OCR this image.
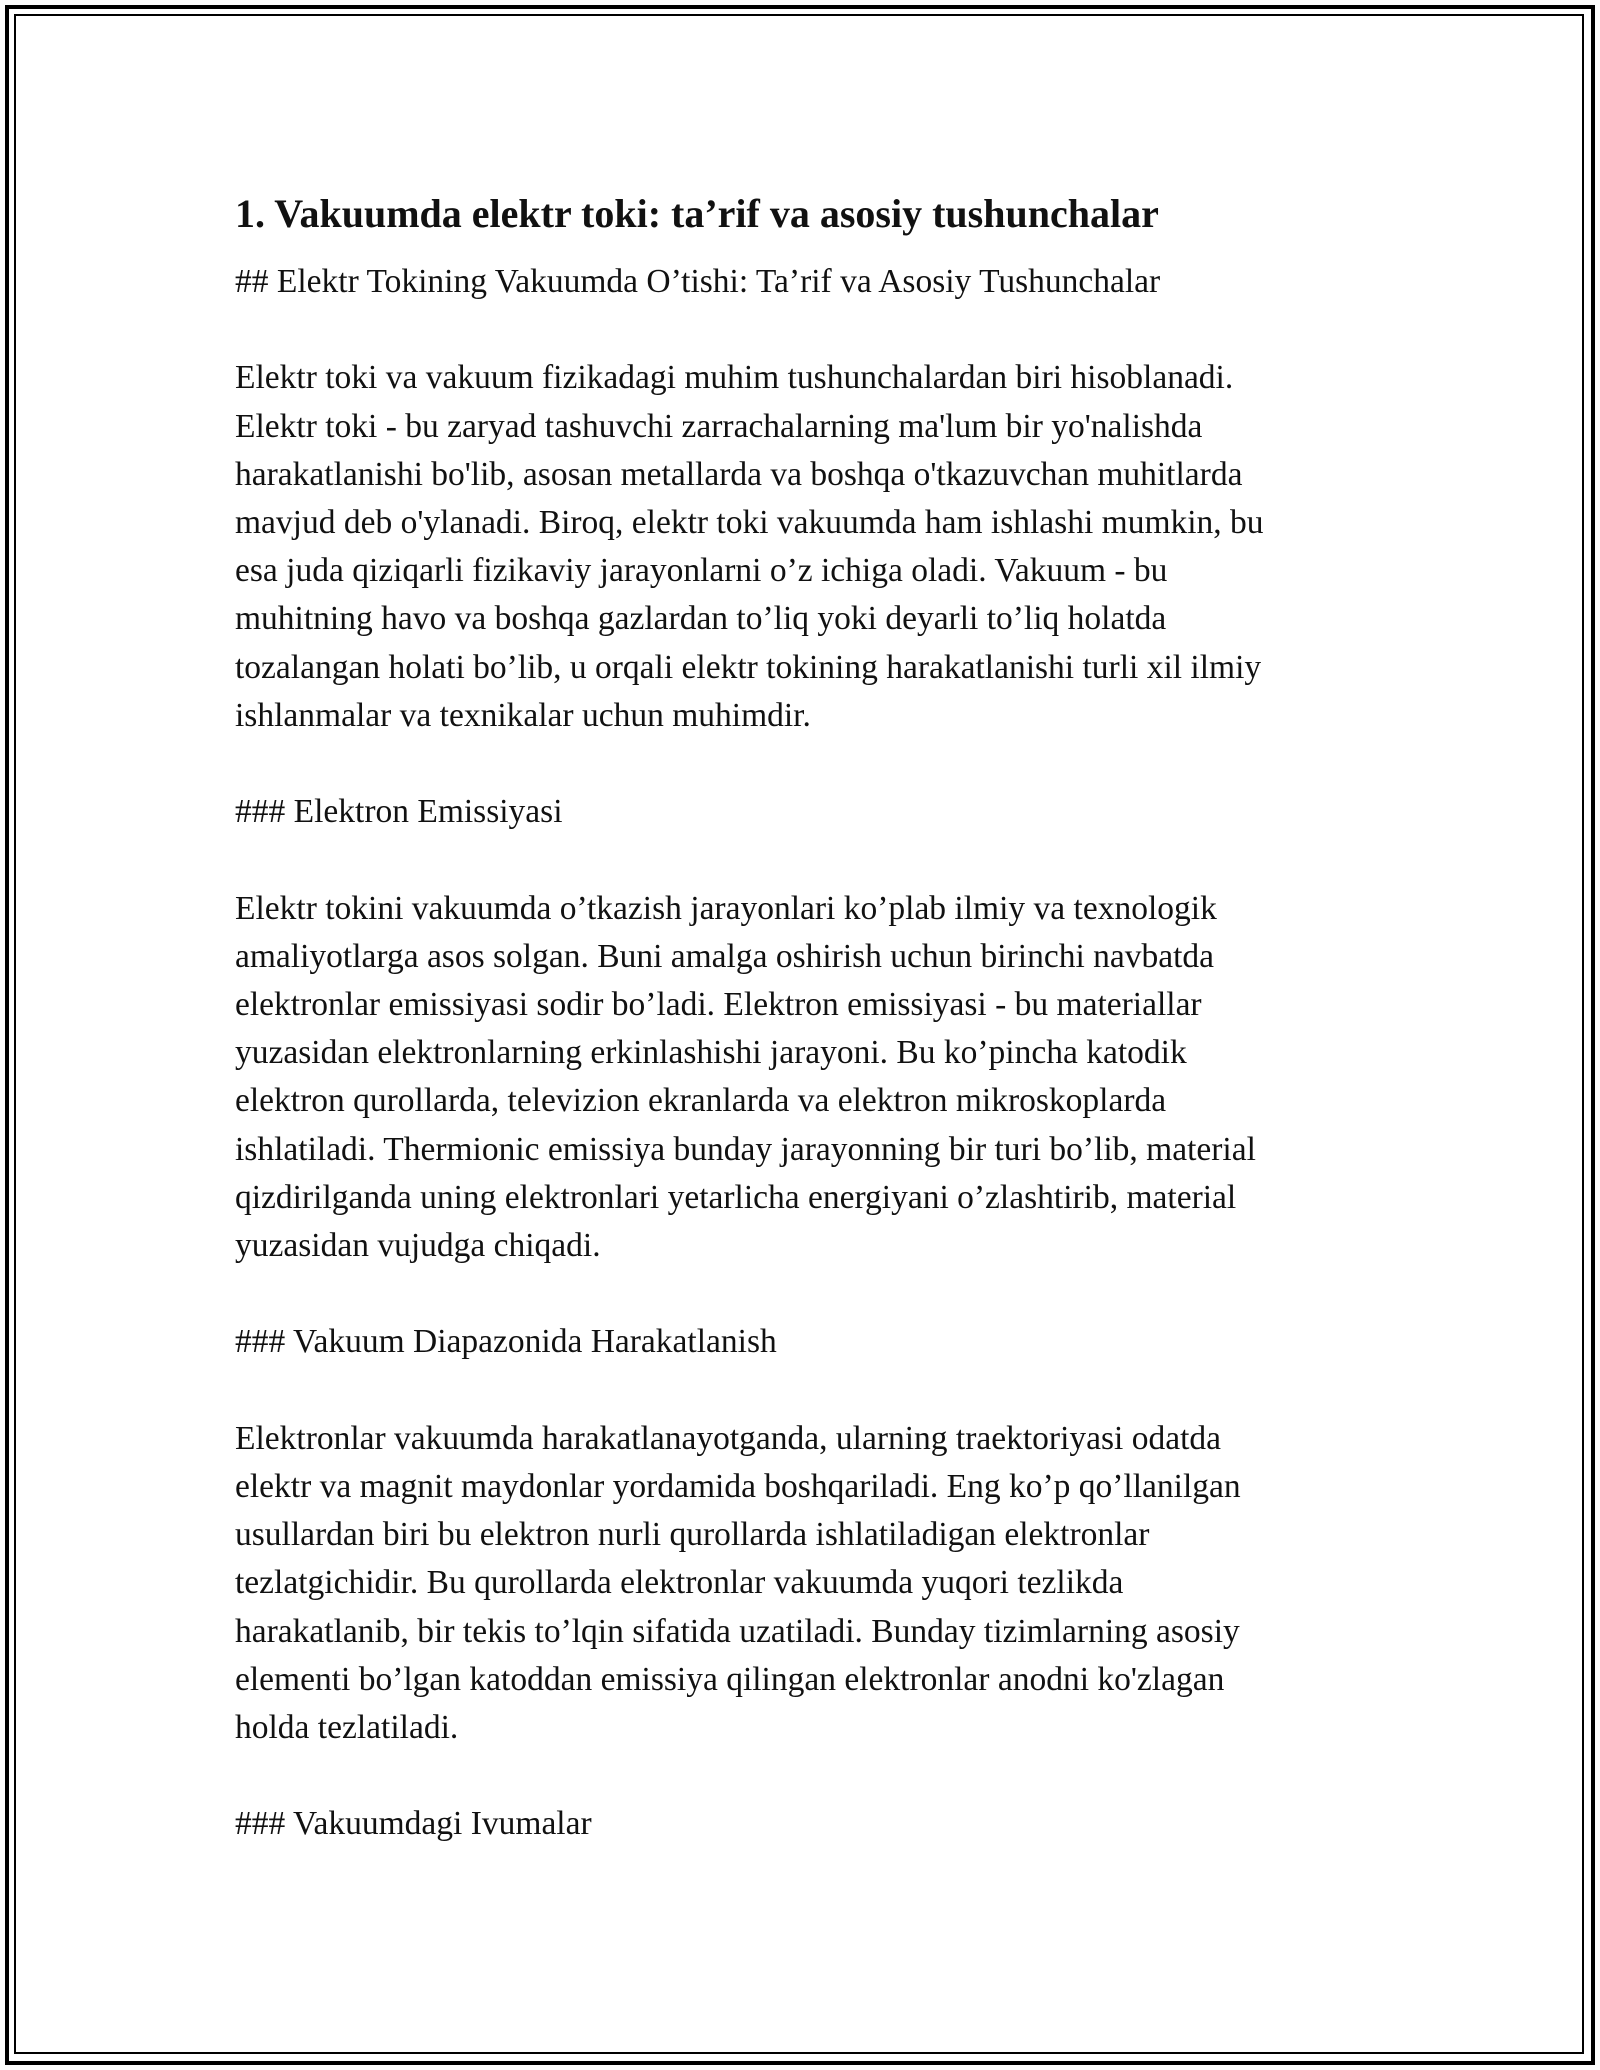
1. Vakuumda elektr toki: ta’rif va asosiy tushunchalar

## Elektr Tokining Vakuumda O’tishi: Ta’rif va Asosiy Tushunchalar

Elektr toki va vakuum fizikadagi muhim tushunchalardan biri hisoblanadi.
Elektr toki - bu zaryad tashuvchi zarrachalarning ma'lum bir yo'nalishda
harakatlanishi bo'lib, asosan metallarda va boshqa o'tkazuvchan muhitlarda
mavjud deb o'ylanadi. Biroq, elektr toki vakuumda ham ishlashi mumkin, bu
esa juda qiziqarli fizikaviy jarayonlarni o’z ichiga oladi. Vakuum - bu
muhitning havo va boshqa gazlardan to’liq yoki deyarli to’liq holatda
tozalangan holati bo’lib, u orqali elektr tokining harakatlanishi turli xil ilmiy
ishlanmalar va texnikalar uchun muhimdir.

### Elektron Emissiyasi

Elektr tokini vakuumda o’tkazish jarayonlari ko’plab ilmiy va texnologik
amaliyotlarga asos solgan. Buni amalga oshirish uchun birinchi navbatda
elektronlar emissiyasi sodir bo’ladi. Elektron emissiyasi - bu materiallar
yuzasidan elektronlarning erkinlashishi jarayoni. Bu ko’pincha katodik
elektron qurollarda, televizion ekranlarda va elektron mikroskoplarda
ishlatiladi. Thermionic emissiya bunday jarayonning bir turi bo’lib, material
qizdirilganda uning elektronlari yetarlicha energiyani o’zlashtirib, material
yuzasidan vujudga chiqadi.

### Vakuum Diapazonida Harakatlanish

Elektronlar vakuumda harakatlanayotganda, ularning traektoriyasi odatda
elektr va magnit maydonlar yordamida boshqariladi. Eng ko’p qo’llanilgan
usullardan biri bu elektron nurli qurollarda ishlatiladigan elektronlar
tezlatgichidir. Bu qurollarda elektronlar vakuumda yuqori tezlikda
harakatlanib, bir tekis to’lqin sifatida uzatiladi. Bunday tizimlarning asosiy
elementi bo’lgan katoddan emissiya qilingan elektronlar anodni ko'zlagan
holda tezlatiladi.

### Vakuumdagi Ivumalar
